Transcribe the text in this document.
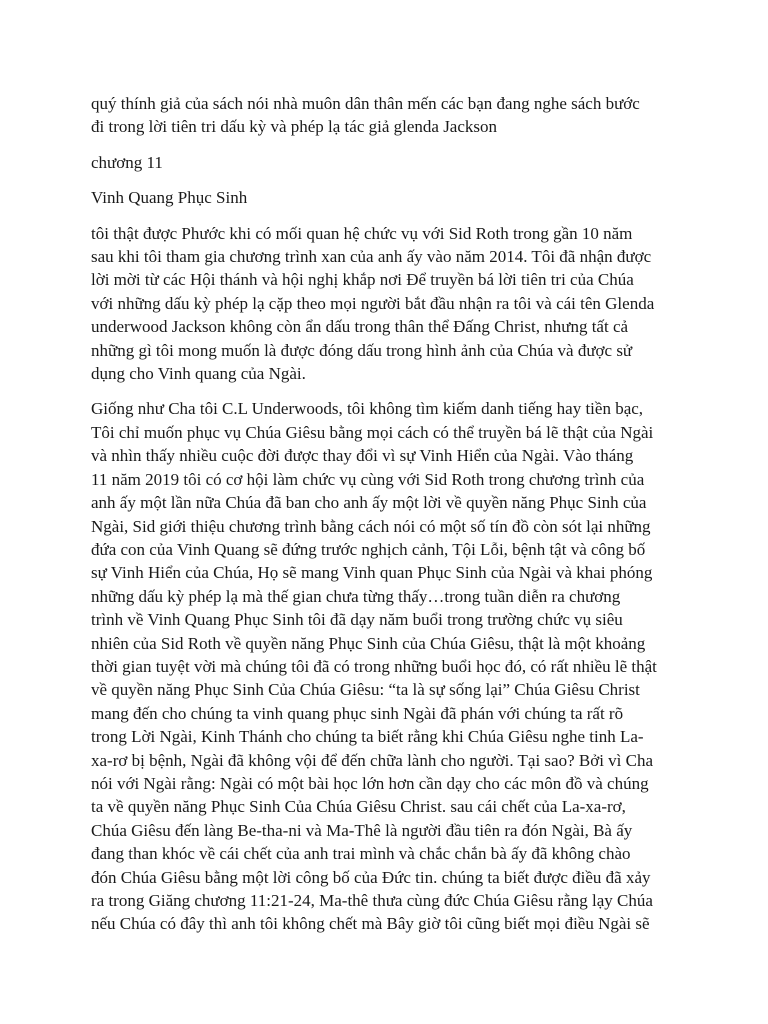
quý thính giả của sách nói nhà muôn dân thân mến các bạn đang nghe sách bước
đi trong lời tiên tri dấu kỳ và phép lạ tác giả glenda Jackson

chương 11

Vinh Quang Phục Sinh

tôi thật được Phước khi có mối quan hệ chức vụ với Sid Roth trong gần 10 năm
sau khi tôi tham gia chương trình xan của anh ấy vào năm 2014. Tôi đã nhận được
lời mời từ các Hội thánh và hội nghị khắp nơi Để truyền bá lời tiên tri của Chúa
với những dấu kỳ phép lạ cặp theo mọi người bắt đầu nhận ra tôi và cái tên Glenda
underwood Jackson không còn ẩn dấu trong thân thể Đấng Christ, nhưng tất cả
những gì tôi mong muốn là được đóng dấu trong hình ảnh của Chúa và được sử
dụng cho Vinh quang của Ngài.

Giống như Cha tôi C.L Underwoods, tôi không tìm kiếm danh tiếng hay tiền bạc,
Tôi chỉ muốn phục vụ Chúa Giêsu bằng mọi cách có thể truyền bá lẽ thật của Ngài
và nhìn thấy nhiều cuộc đời được thay đổi vì sự Vinh Hiển của Ngài. Vào tháng
11 năm 2019 tôi có cơ hội làm chức vụ cùng với Sid Roth trong chương trình của
anh ấy một lần nữa Chúa đã ban cho anh ấy một lời về quyền năng Phục Sinh của
Ngài, Sid giới thiệu chương trình bằng cách nói có một số tín đồ còn sót lại những
đứa con của Vinh Quang sẽ đứng trước nghịch cảnh, Tội Lỗi, bệnh tật và công bố
sự Vinh Hiển của Chúa, Họ sẽ mang Vinh quan Phục Sinh của Ngài và khai phóng
những dấu kỳ phép lạ mà thế gian chưa từng thấy…trong tuần diễn ra chương
trình về Vinh Quang Phục Sinh tôi đã dạy năm buổi trong trường chức vụ siêu
nhiên của Sid Roth về quyền năng Phục Sinh của Chúa Giêsu, thật là một khoảng
thời gian tuyệt vời mà chúng tôi đã có trong những buổi học đó, có rất nhiều lẽ thật
về quyền năng Phục Sinh Của Chúa Giêsu: “ta là sự sống lại” Chúa Giêsu Christ
mang đến cho chúng ta vinh quang phục sinh Ngài đã phán với chúng ta rất rõ
trong Lời Ngài, Kinh Thánh cho chúng ta biết rằng khi Chúa Giêsu nghe tinh La-
xa-rơ bị bệnh, Ngài đã không vội để đến chữa lành cho người. Tại sao? Bởi vì Cha
nói với Ngài rằng: Ngài có một bài học lớn hơn cần dạy cho các môn đồ và chúng
ta về quyền năng Phục Sinh Của Chúa Giêsu Christ. sau cái chết của La-xa-rơ,
Chúa Giêsu đến làng Be-tha-ni và Ma-Thê là người đầu tiên ra đón Ngài, Bà ấy
đang than khóc về cái chết của anh trai mình và chắc chắn bà ấy đã không chào
đón Chúa Giêsu bằng một lời công bố của Đức tin. chúng ta biết được điều đã xảy
ra trong Giăng chương 11:21-24, Ma-thê thưa cùng đức Chúa Giêsu rằng lạy Chúa
nếu Chúa có đây thì anh tôi không chết mà Bây giờ tôi cũng biết mọi điều Ngài sẽ
